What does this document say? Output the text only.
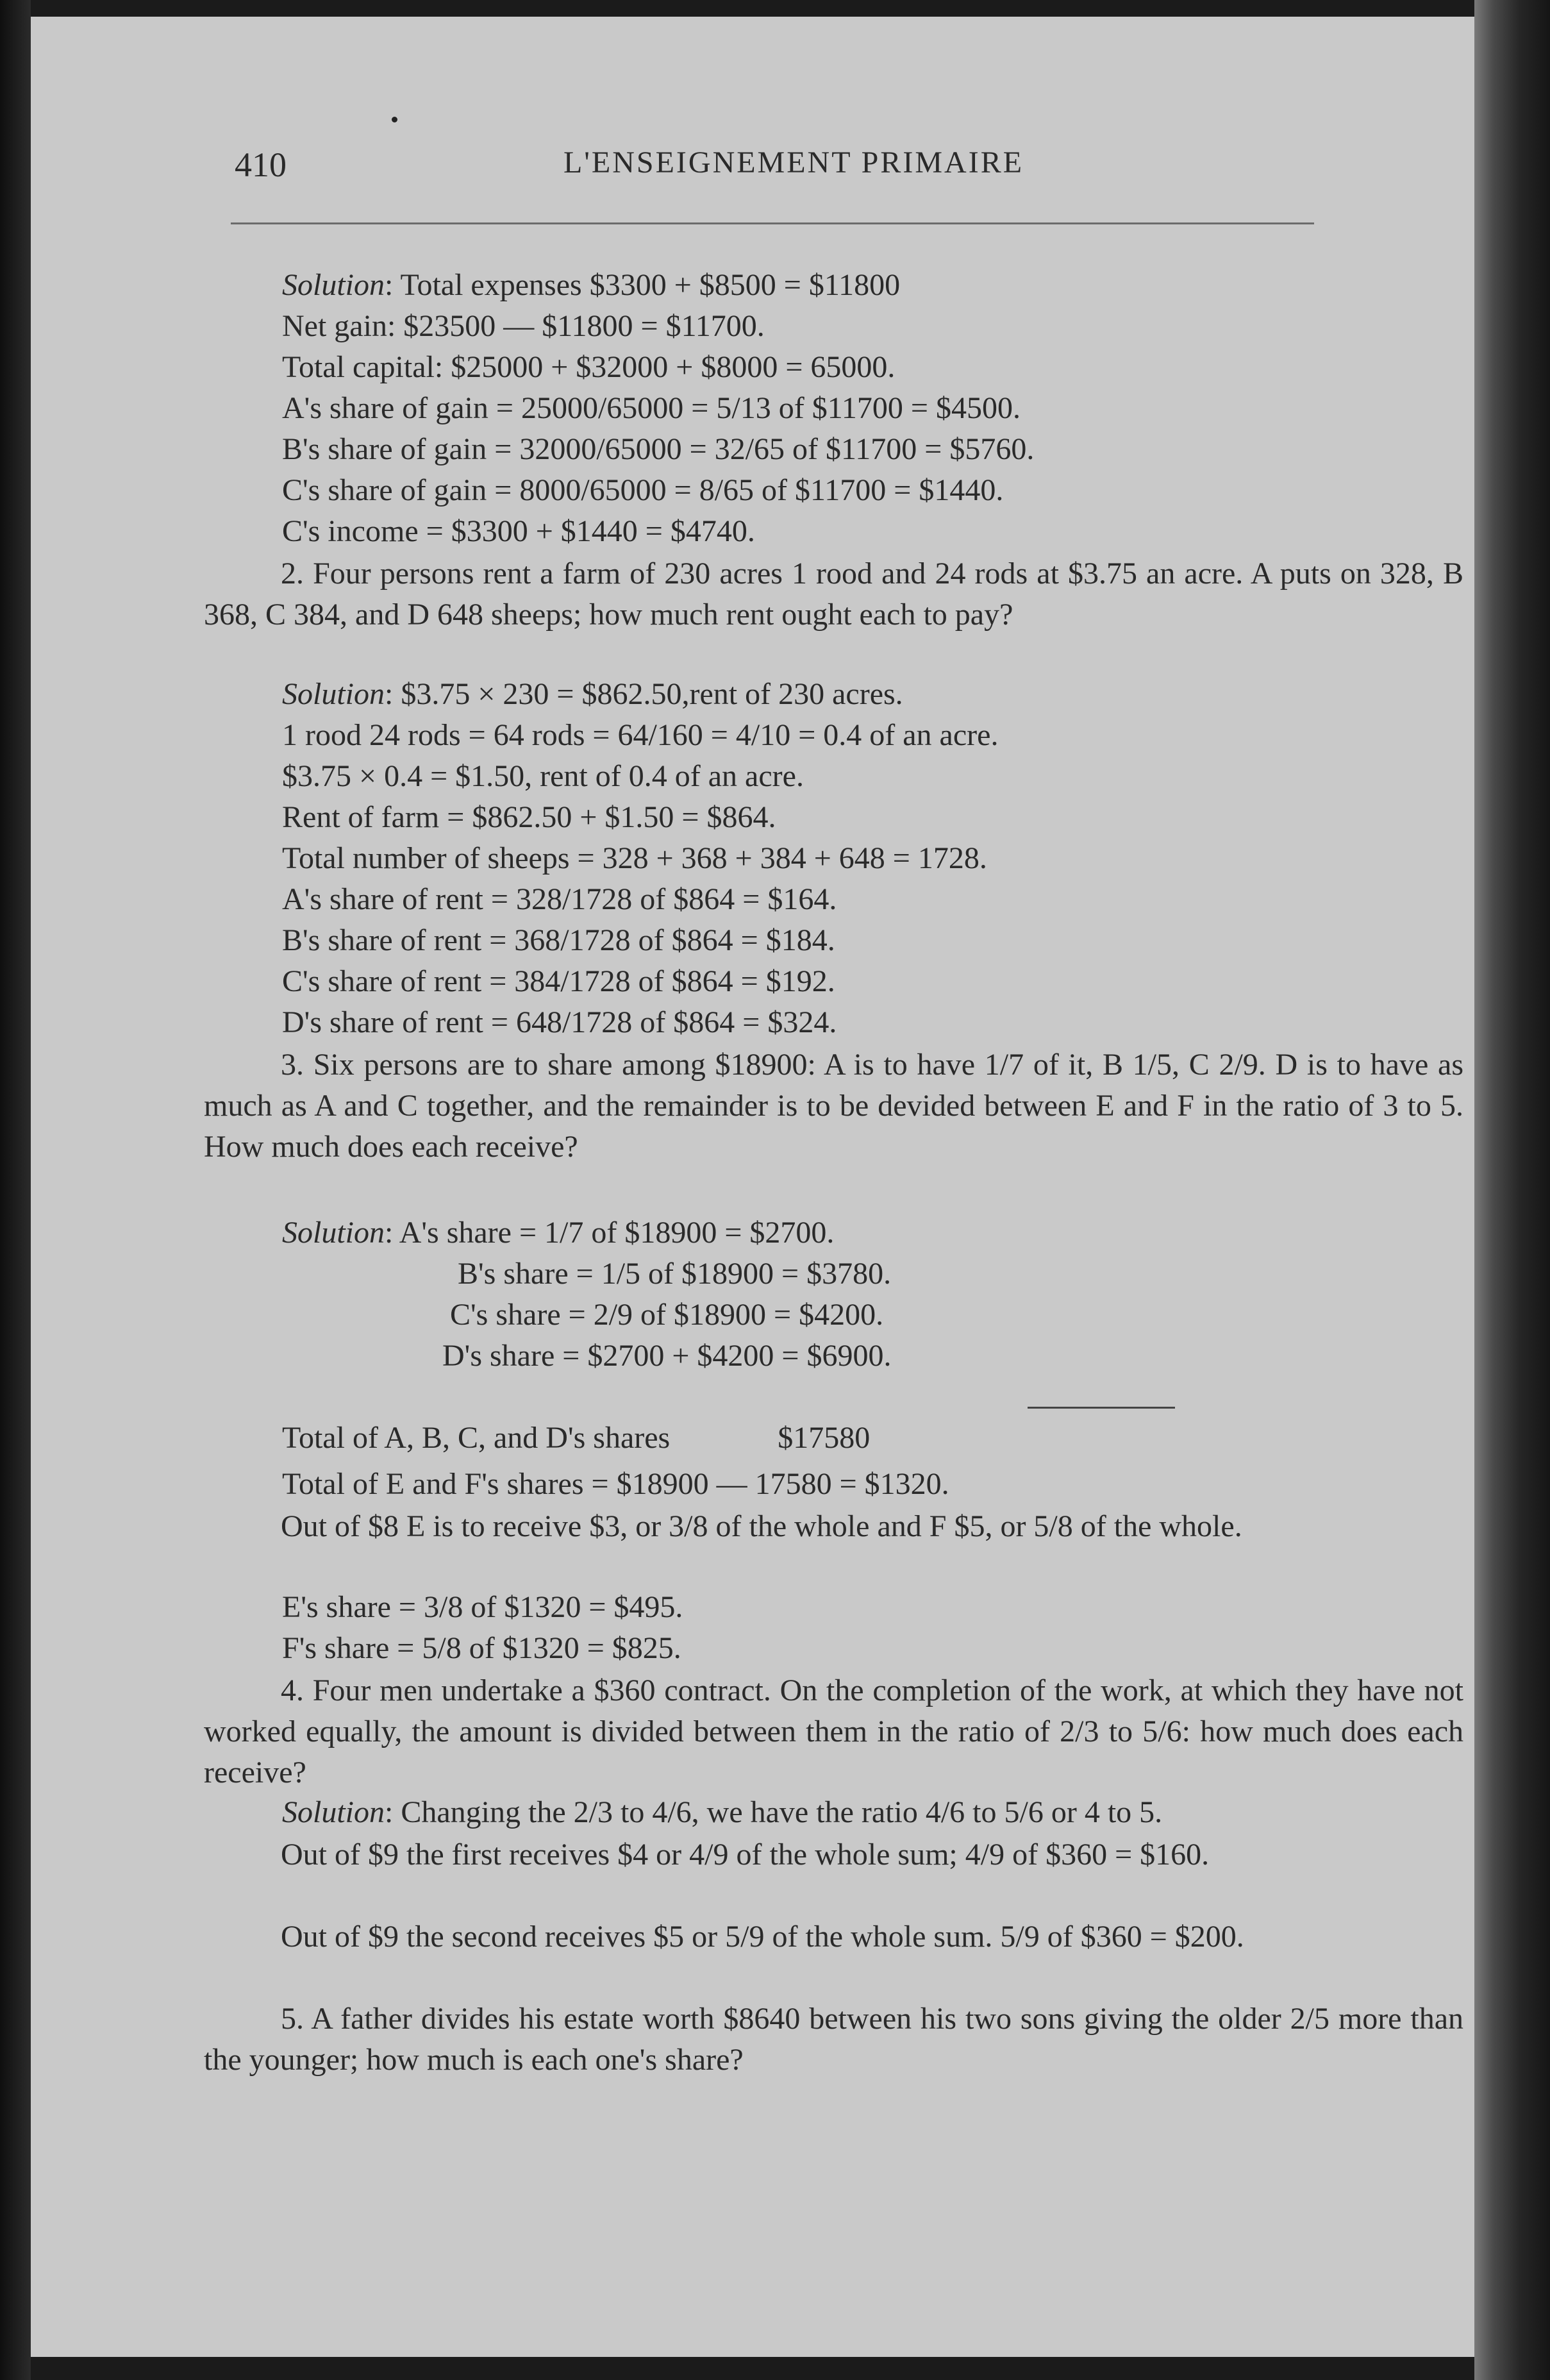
410	L'ENSEIGNEMENT PRIMAIRE
Solution: Total expenses $3300 + $8500 = $11800
Net gain: $23500 — $11800 = $11700.
Total capital: $25000 + $32000 + $8000 = 65000.
A's share of gain = 25000/65000 = 5/13 of $11700 = $4500.
B's share of gain = 32000/65000 = 32/65 of $11700 = $5760.
C's share of gain = 8000/65000 = 8/65 of $11700 = $1440.
C's income = $3300 + $1440 = $4740.
Solution: $3.75 × 230 = $862.50,rent of 230 acres.
1 rood 24 rods = 64 rods = 64/160 = 4/10 = 0.4 of an acre.
$3.75 × 0.4 = $1.50, rent of 0.4 of an acre.
Rent of farm = $862.50 + $1.50 = $864.
Total number of sheeps = 328 + 368 + 384 + 648 = 1728.
A's share of rent = 328/1728 of $864 = $164.
B's share of rent = 368/1728 of $864 = $184.
C's share of rent = 384/1728 of $864 = $192.
D's share of rent = 648/1728 of $864 = $324.
Solution: A's share = 1/7 of $18900 = $2700.
B's share = 1/5 of $18900 = $3780.
C's share = 2/9 of $18900 = $4200.
D's share = $2700 + $4200 = $6900.
Total of A, B, C, and D's shares              $17580
Total of E and F's shares = $18900 — 17580 = $1320.
E's share = 3/8 of $1320 = $495.
F's share = 5/8 of $1320 = $825.
Solution: Changing the 2/3 to 4/6, we have the ratio 4/6 to 5/6 or 4 to 5.
2. Four persons rent a farm of 230 acres 1 rood and 24 rods at $3.75 an acre. A puts on 328, B 368, C 384, and D 648 sheeps; how much rent ought each to pay?
3. Six persons are to share among $18900: A is to have 1/7 of it, B 1/5, C 2/9. D is to have as much as A and C together, and the remainder is to be devided between E and F in the ratio of 3 to 5. How much does each receive?
Out of $8 E is to receive $3, or 3/8 of the whole and F $5, or 5/8 of the whole.
4. Four men undertake a $360 contract. On the completion of the work, at which they have not worked equally, the amount is divided between them in the ratio of 2/3 to 5/6: how much does each receive?
Out of $9 the first receives $4 or 4/9 of the whole sum; 4/9 of $360 = $160.
Out of $9 the second receives $5 or 5/9 of the whole sum. 5/9 of $360 = $200.
5. A father divides his estate worth $8640 between his two sons giving the older 2/5 more than the younger; how much is each one's share?
